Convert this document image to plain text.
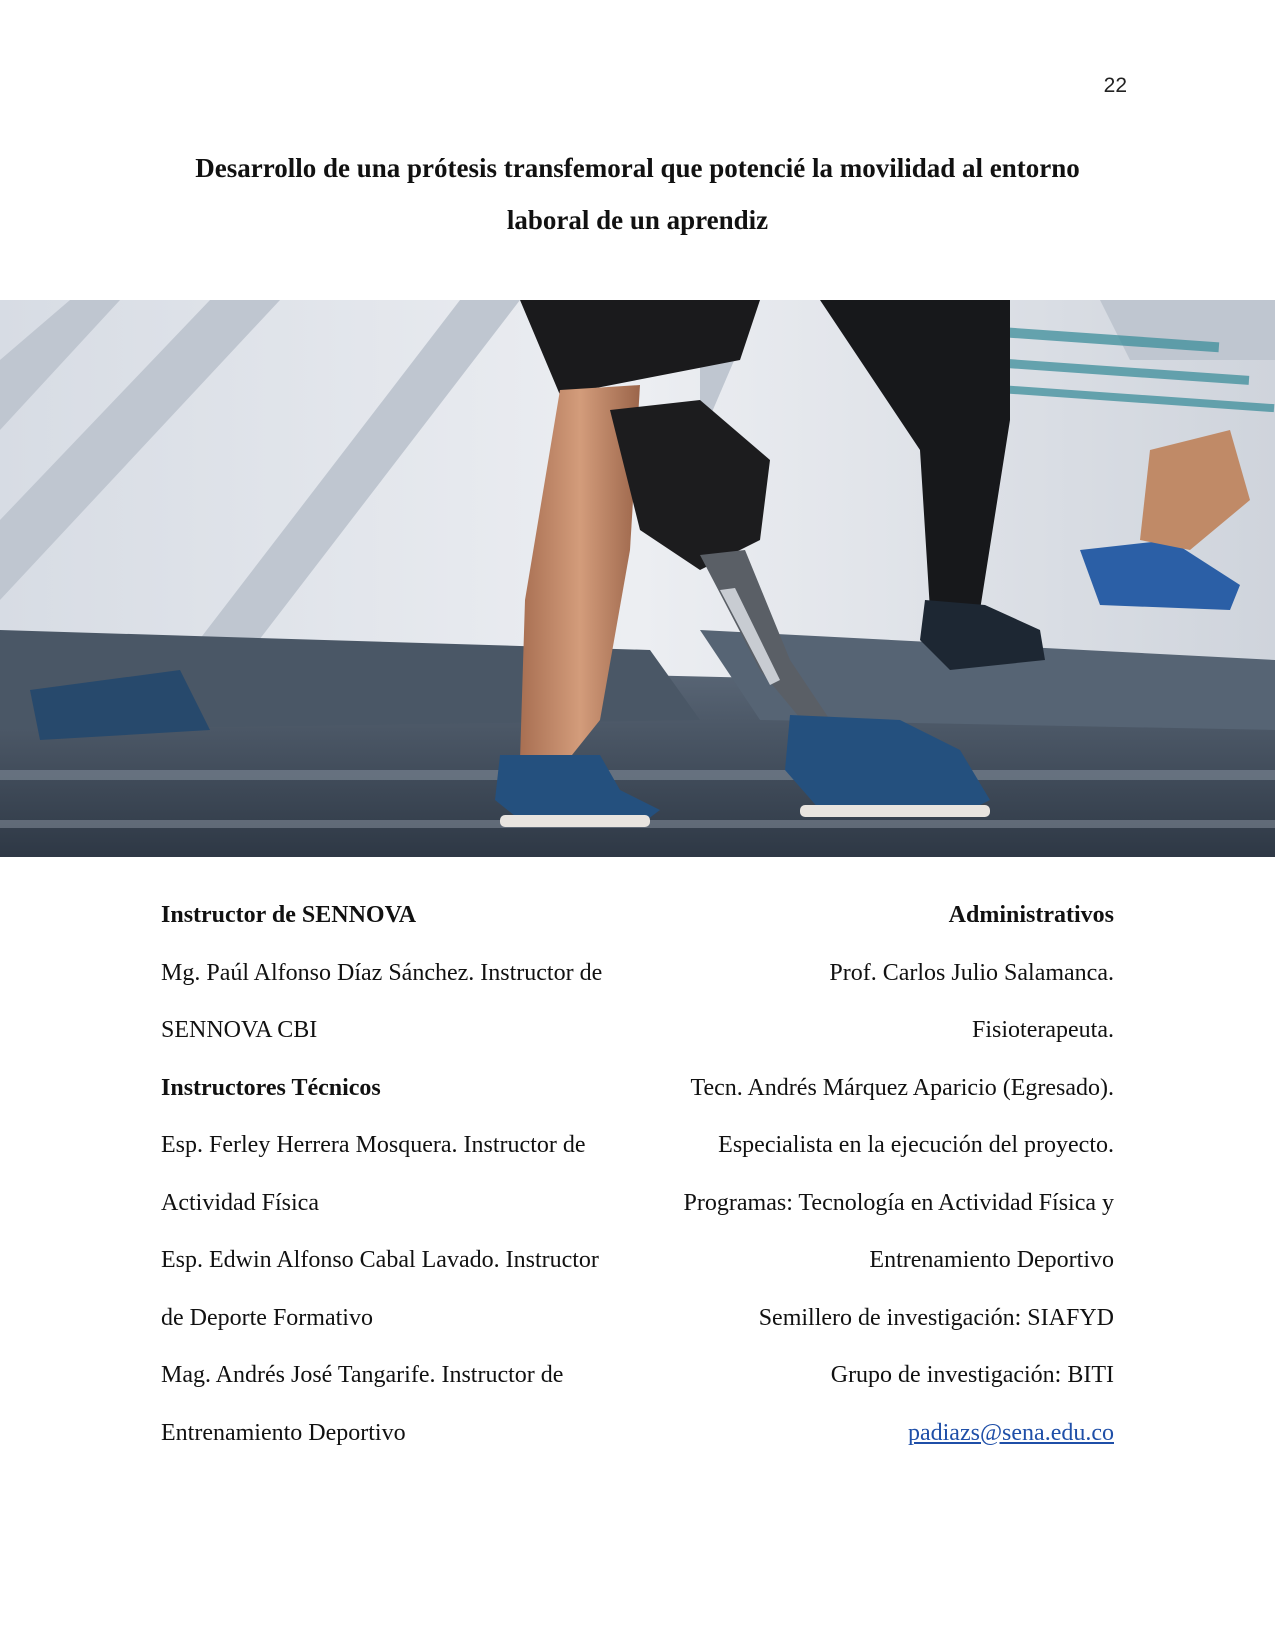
22
Desarrollo de una prótesis transfemoral que potencié la movilidad al entorno
laboral de un aprendiz

Instructor de SENNOVA

Mg. Paúl Alfonso Díaz Sánchez. Instructor de

SENNOVA CBI

Instructores Técnicos

Esp. Ferley Herrera Mosquera. Instructor de

Actividad Física

Esp. Edwin Alfonso Cabal Lavado. Instructor

de Deporte Formativo

Mag. Andrés José Tangarife. Instructor de

Entrenamiento Deportivo

Administrativos

Prof. Carlos Julio Salamanca.

Fisioterapeuta.

Tecn. Andrés Márquez Aparicio (Egresado).

Especialista en la ejecución del proyecto.

Programas: Tecnología en Actividad Física y

Entrenamiento Deportivo

Semillero de investigación: SIAFYD

Grupo de investigación: BITI

padiazs@sena.edu.co
